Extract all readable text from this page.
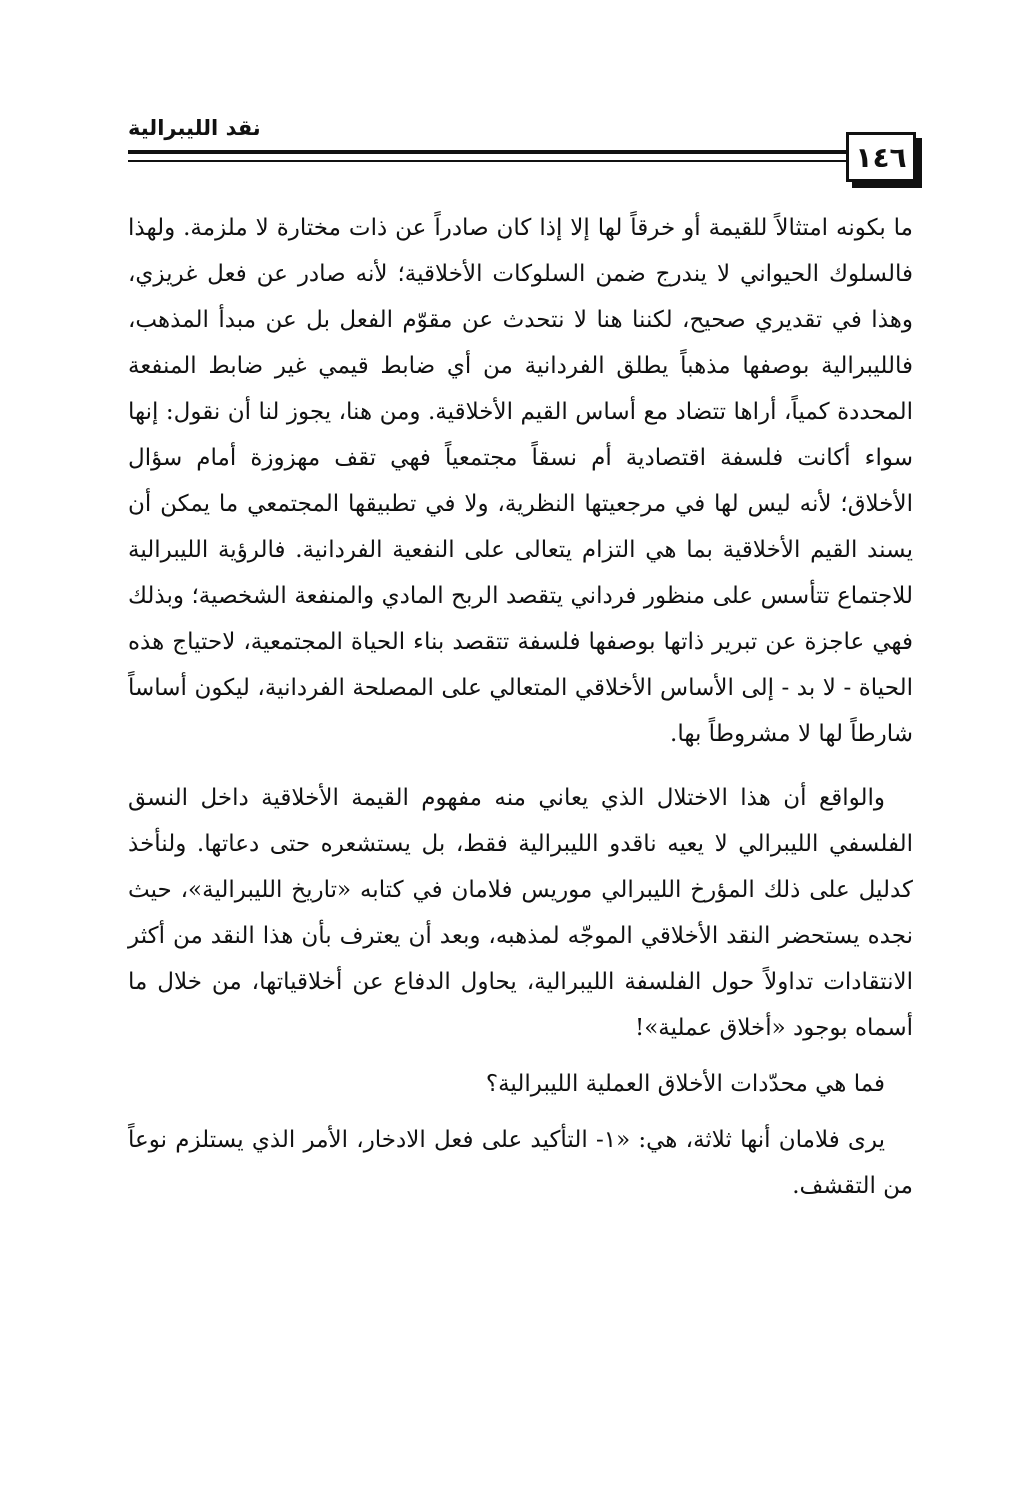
نقد الليبرالية
١٤٦

ما بكونه امتثالاً للقيمة أو خرقاً لها إلا إذا كان صادراً عن ذات مختارة لا ملزمة. ولهذا فالسلوك الحيواني لا يندرج ضمن السلوكات الأخلاقية؛ لأنه صادر عن فعل غريزي، وهذا في تقديري صحيح، لكننا هنا لا نتحدث عن مقوّم الفعل بل عن مبدأ المذهب، فالليبرالية بوصفها مذهباً يطلق الفردانية من أي ضابط قيمي غير ضابط المنفعة المحددة كمياً، أراها تتضاد مع أساس القيم الأخلاقية. ومن هنا، يجوز لنا أن نقول: إنها سواء أكانت فلسفة اقتصادية أم نسقاً مجتمعياً فهي تقف مهزوزة أمام سؤال الأخلاق؛ لأنه ليس لها في مرجعيتها النظرية، ولا في تطبيقها المجتمعي ما يمكن أن يسند القيم الأخلاقية بما هي التزام يتعالى على النفعية الفردانية. فالرؤية الليبرالية للاجتماع تتأسس على منظور فرداني يتقصد الربح المادي والمنفعة الشخصية؛ وبذلك فهي عاجزة عن تبرير ذاتها بوصفها فلسفة تتقصد بناء الحياة المجتمعية، لاحتياج هذه الحياة - لا بد - إلى الأساس الأخلاقي المتعالي على المصلحة الفردانية، ليكون أساساً شارطاً لها لا مشروطاً بها.

والواقع أن هذا الاختلال الذي يعاني منه مفهوم القيمة الأخلاقية داخل النسق الفلسفي الليبرالي لا يعيه ناقدو الليبرالية فقط، بل يستشعره حتى دعاتها. ولنأخذ كدليل على ذلك المؤرخ الليبرالي موريس فلامان في كتابه «تاريخ الليبرالية»، حيث نجده يستحضر النقد الأخلاقي الموجّه لمذهبه، وبعد أن يعترف بأن هذا النقد من أكثر الانتقادات تداولاً حول الفلسفة الليبرالية، يحاول الدفاع عن أخلاقياتها، من خلال ما أسماه بوجود «أخلاق عملية»!

فما هي محدّدات الأخلاق العملية الليبرالية؟

يرى فلامان أنها ثلاثة، هي: «١- التأكيد على فعل الادخار، الأمر الذي يستلزم نوعاً من التقشف.
